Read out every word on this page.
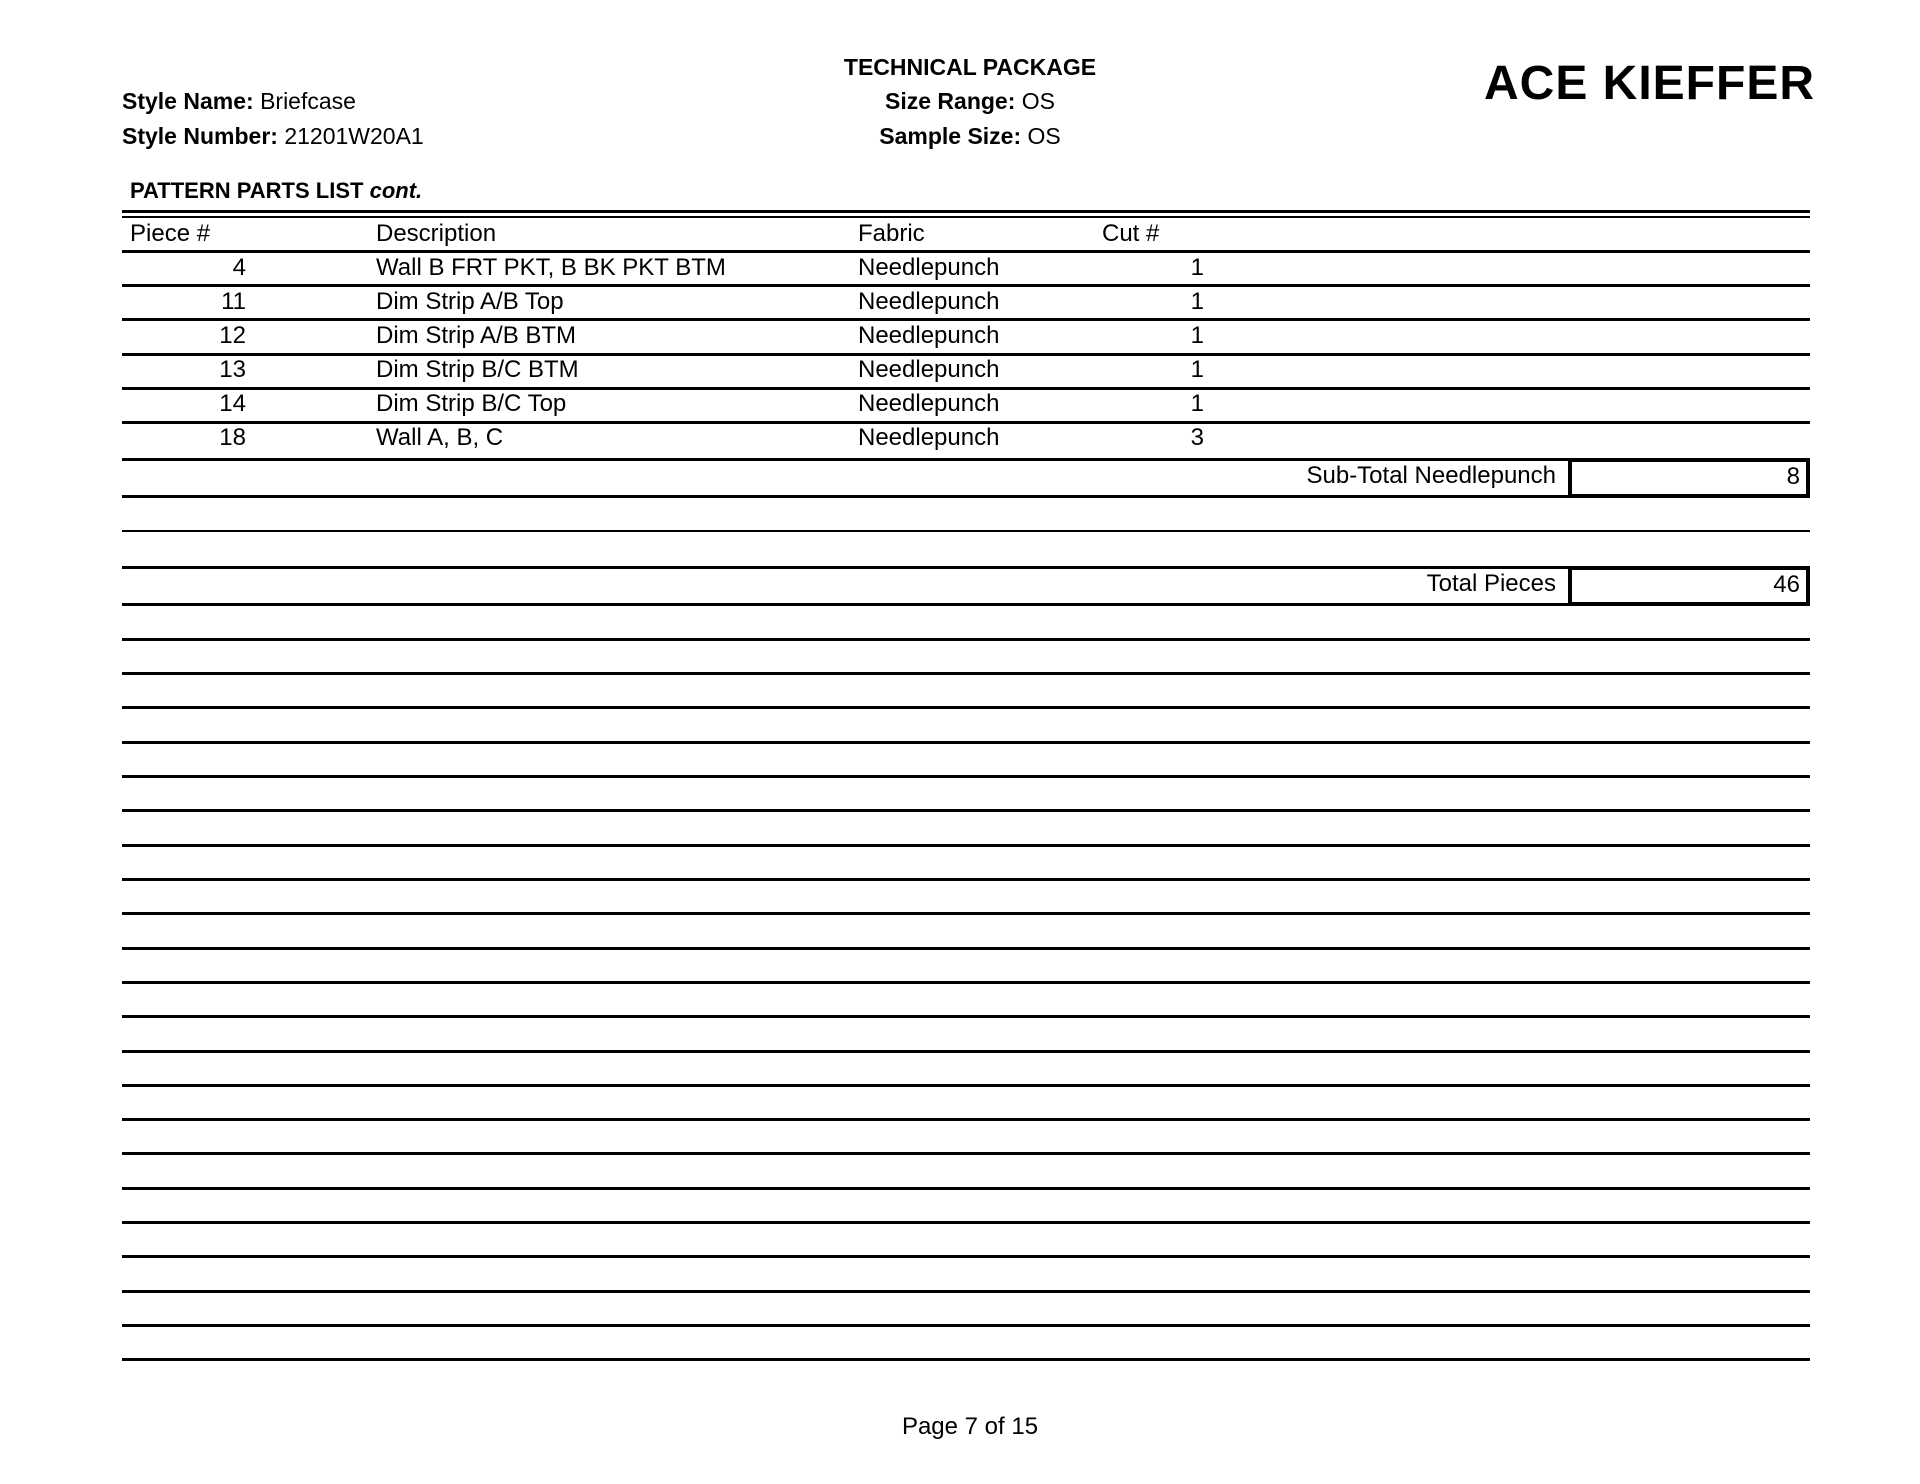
Style Name: Briefcase
Style Number: 21201W20A1
TECHNICAL PACKAGE
Size Range: OS
Sample Size: OS
ACE KIEFFER
PATTERN PARTS LIST cont.
Piece #	Description	Fabric	Cut #
4	Wall B FRT PKT, B BK PKT BTM	Needlepunch	1
11	Dim Strip A/B Top	Needlepunch	1
12	Dim Strip A/B BTM	Needlepunch	1
13	Dim Strip B/C BTM	Needlepunch	1
14	Dim Strip B/C Top	Needlepunch	1
18	Wall A, B, C	Needlepunch	3
Sub-Total Needlepunch	8
Total Pieces	46
Page 7 of 15
